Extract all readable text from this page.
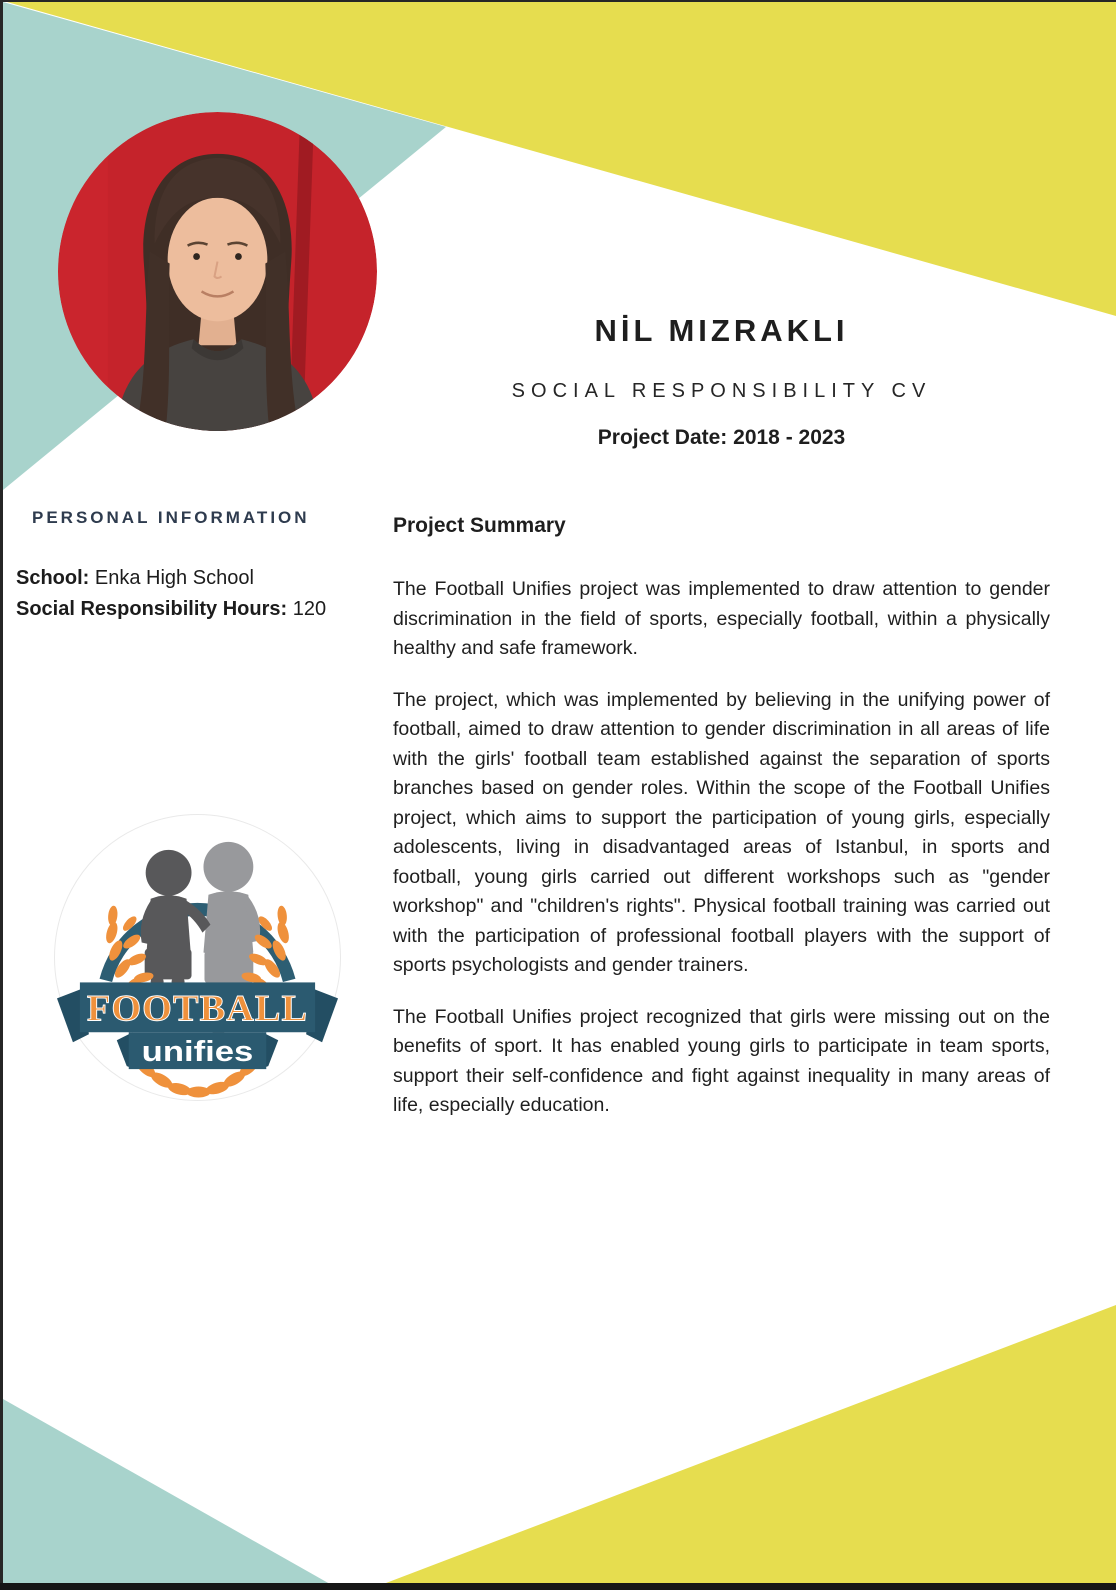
NİL MIZRAKLI
SOCIAL RESPONSIBILITY CV
Project Date: 2018 - 2023
PERSONAL INFORMATION

School: Enka High School

Social Responsibility Hours: 120

FOOTBALL
unifies
Project Summary

The Football Unifies project was implemented to draw attention to gender discrimination in the field of sports, especially football, within a physically healthy and safe framework.

The project, which was implemented by believing in the unifying power of football, aimed to draw attention to gender discrimination in all areas of life with the girls' football team established against the separation of sports branches based on gender roles. Within the scope of the Football Unifies project, which aims to support the participation of young girls, especially adolescents, living in disadvantaged areas of Istanbul, in sports and football, young girls carried out different workshops such as "gender workshop" and "children's rights". Physical football training was carried out with the participation of professional football players with the support of sports psychologists and gender trainers.

The Football Unifies project recognized that girls were missing out on the benefits of sport. It has enabled young girls to participate in team sports, support their self-confidence and fight against inequality in many areas of life, especially education.
